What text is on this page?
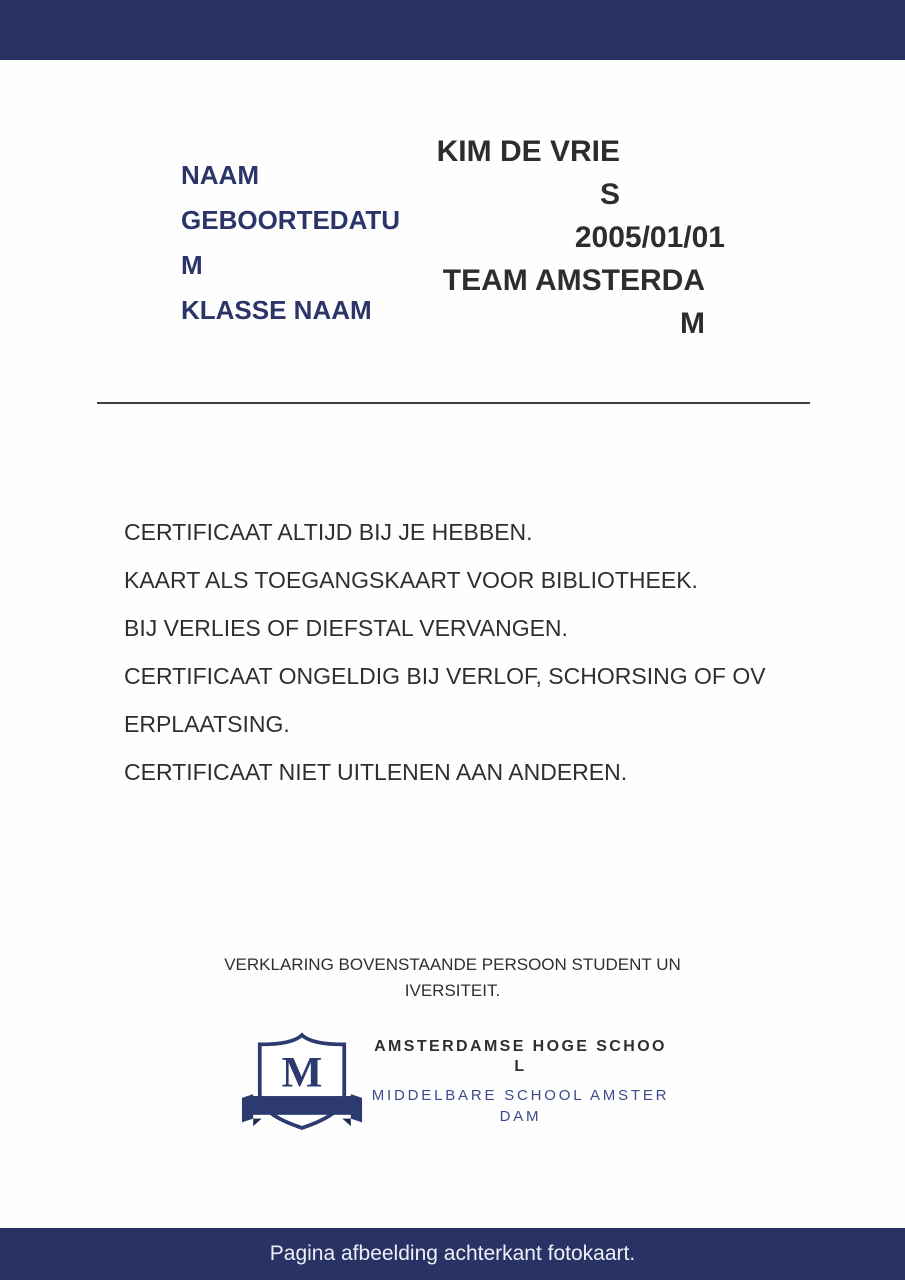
NAAM

GEBOORTEDATUM

KLASSE NAAM

KIM DE VRIES

2005/01/01

TEAM AMSTERDAM

CERTIFICAAT ALTIJD BIJ JE HEBBEN.

KAART ALS TOEGANGSKAART VOOR BIBLIOTHEEK.

BIJ VERLIES OF DIEFSTAL VERVANGEN.

CERTIFICAAT ONGELDIG BIJ VERLOF, SCHORSING OF OVERPLAATSING.

CERTIFICAAT NIET UITLENEN AAN ANDEREN.

VERKLARING BOVENSTAANDE PERSOON STUDENT UNIVERSITEIT.
M

AMSTERDAMSE HOGE SCHOOL

MIDDELBARE SCHOOL AMSTERDAM

Pagina afbeelding achterkant fotokaart.
